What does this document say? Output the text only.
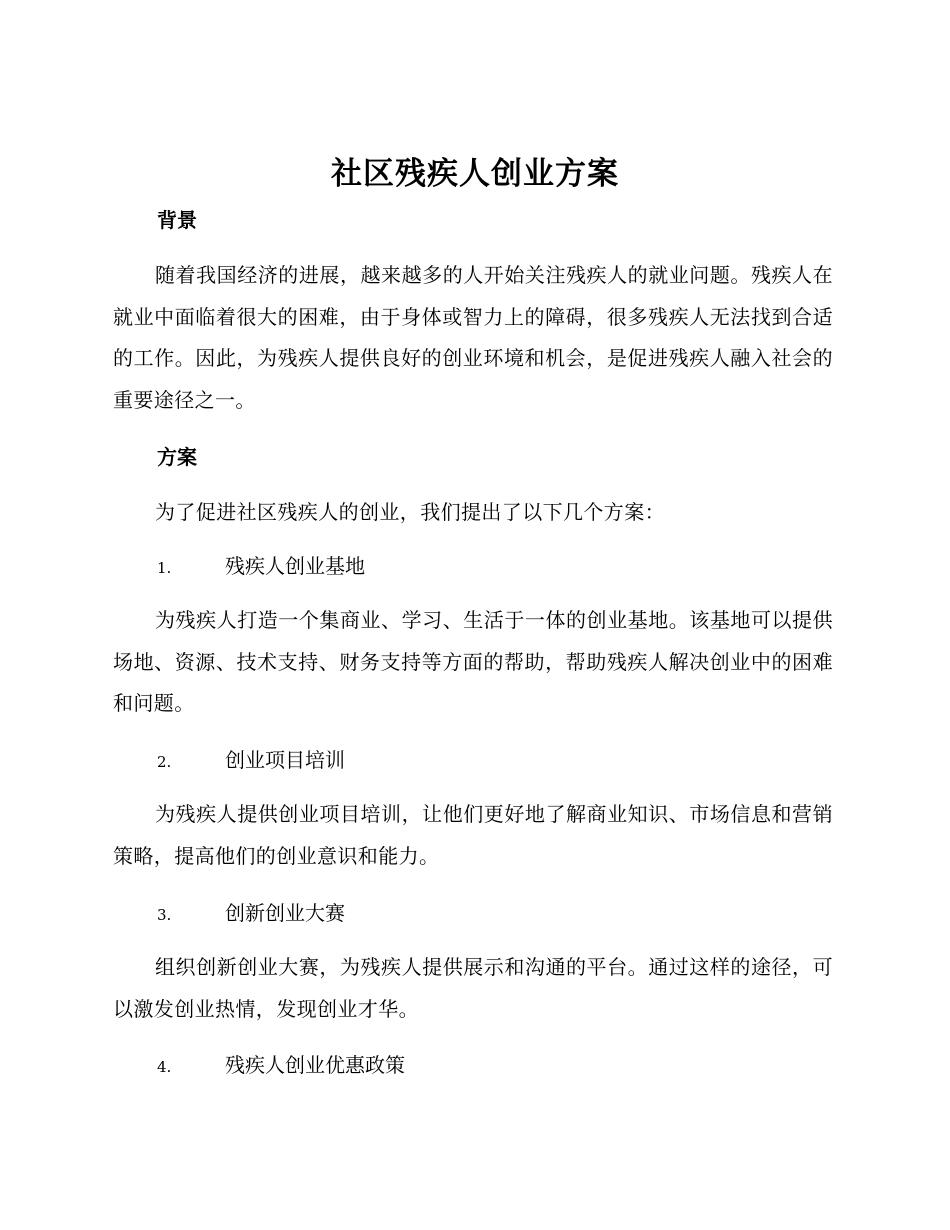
社区残疾人创业方案
背景
随着我国经济的进展，越来越多的人开始关注残疾人的就业问题。残疾人在就业中面临着很大的困难，由于身体或智力上的障碍，很多残疾人无法找到合适的工作。因此，为残疾人提供良好的创业环境和机会，是促进残疾人融入社会的重要途径之一。
方案
为了促进社区残疾人的创业，我们提出了以下几个方案：
1.	残疾人创业基地
为残疾人打造一个集商业、学习、生活于一体的创业基地。该基地可以提供场地、资源、技术支持、财务支持等方面的帮助，帮助残疾人解决创业中的困难和问题。
2.	创业项目培训
为残疾人提供创业项目培训，让他们更好地了解商业知识、市场信息和营销策略，提高他们的创业意识和能力。
3.	创新创业大赛
组织创新创业大赛，为残疾人提供展示和沟通的平台。通过这样的途径，可以激发创业热情，发现创业才华。
4.	残疾人创业优惠政策
